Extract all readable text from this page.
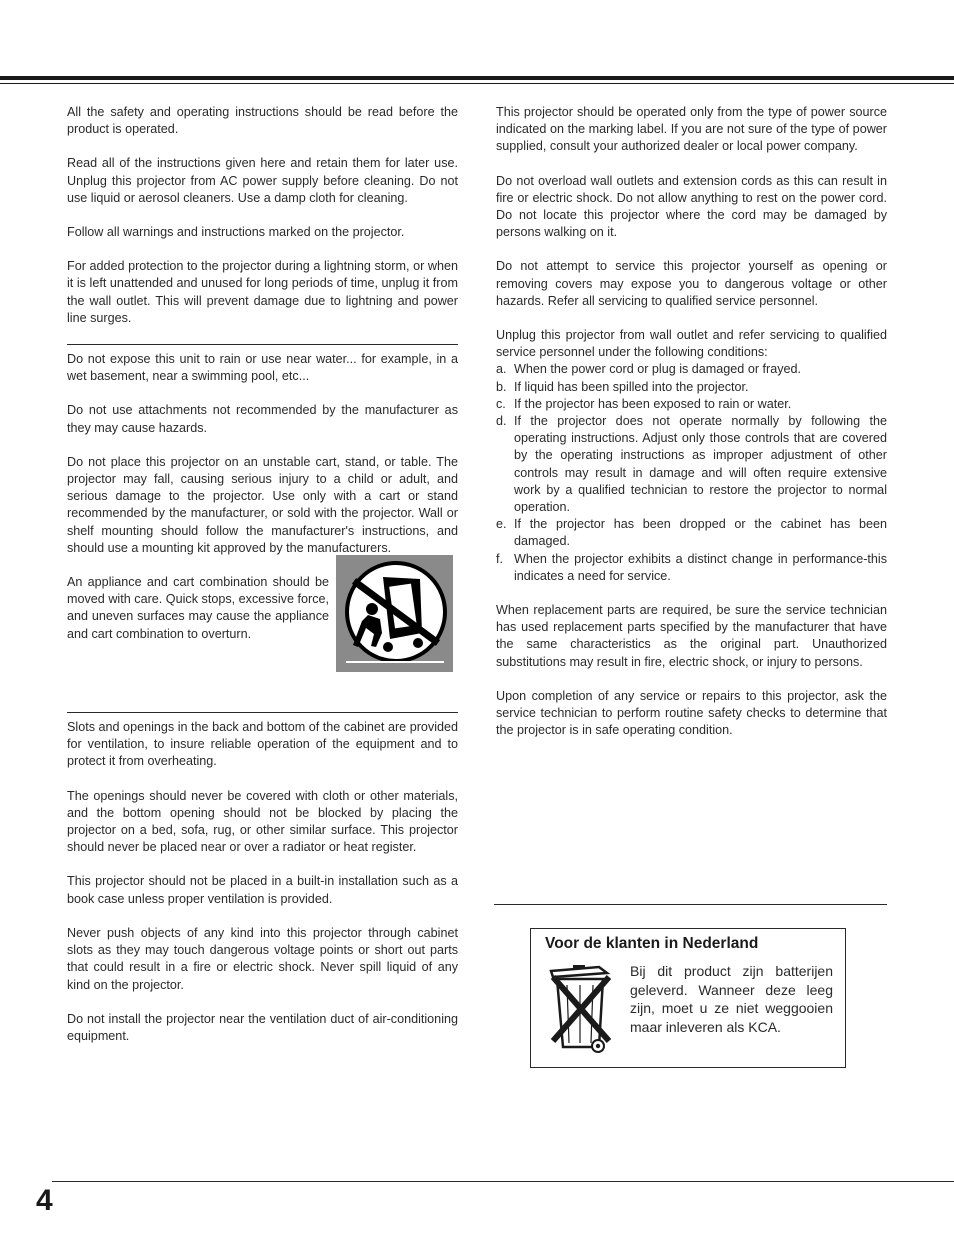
All the safety and operating instructions should be read before the product is operated.

Read all of the instructions given here and retain them for later use. Unplug this projector from AC power supply before cleaning. Do not use liquid or aerosol cleaners. Use a damp cloth for cleaning.

Follow all warnings and instructions marked on the projector.

For added protection to the projector during a lightning storm, or when it is left unattended and unused for long periods of time, unplug it from the wall outlet. This will prevent damage due to lightning and power line surges.

Do not expose this unit to rain or use near water... for example, in a wet basement, near a swimming pool, etc...

Do not use attachments not recommended by the manufacturer as they may cause hazards.

Do not place this projector on an unstable cart, stand, or table. The projector may fall, causing serious injury to a child or adult, and serious damage to the projector. Use only with a cart or stand recommended by the manufacturer, or sold with the projector. Wall or shelf mounting should follow the manufacturer's instructions, and should use a mounting kit approved by the manufacturers.

An appliance and cart combination should be moved with care. Quick stops, excessive force, and uneven surfaces may cause the appliance and cart combination to overturn.

Slots and openings in the back and bottom of the cabinet are provided for ventilation, to insure reliable operation of the equipment and to protect it from overheating.

The openings should never be covered with cloth or other materials, and the bottom opening should not be blocked by placing the projector on a bed, sofa, rug, or other similar surface. This projector should never be placed near or over a radiator or heat register.

This projector should not be placed in a built-in installation such as a book case unless proper ventilation is provided.

Never push objects of any kind into this projector through cabinet slots as they may touch dangerous voltage points or short out parts that could result in a fire or electric shock. Never spill liquid of any kind on the projector.

Do not install the projector near the ventilation duct of air-conditioning equipment.

This projector should be operated only from the type of power source indicated on the marking label. If you are not sure of the type of power supplied, consult your authorized dealer or local power company.

Do not overload wall outlets and extension cords as this can result in fire or electric shock. Do not allow anything to rest on the power cord. Do not locate this projector where the cord may be damaged by persons walking on it.

Do not attempt to service this projector yourself as opening or removing covers may expose you to dangerous voltage or other hazards. Refer all servicing to qualified service personnel.

Unplug this projector from wall outlet and refer servicing to qualified service personnel under the following conditions:

a. When the power cord or plug is damaged or frayed.
b. If liquid has been spilled into the projector.
c. If the projector has been exposed to rain or water.
d. If the projector does not operate normally by following the operating instructions. Adjust only those controls that are covered by the operating instructions as improper adjustment of other controls may result in damage and will often require extensive work by a qualified technician to restore the projector to normal operation.
e. If the projector has been dropped or the cabinet has been damaged.
f. When the projector exhibits a distinct change in performance-this indicates a need for service.

When replacement parts are required, be sure the service technician has used replacement parts specified by the manufacturer that have the same characteristics as the original part. Unauthorized substitutions may result in fire, electric shock, or injury to persons.

Upon completion of any service or repairs to this projector, ask the service technician to perform routine safety checks to determine that the projector is in safe operating condition.

Voor de klanten in Nederland

Bij dit product zijn batterijen geleverd. Wanneer deze leeg zijn, moet u ze niet weggooien maar inleveren als KCA.

4
